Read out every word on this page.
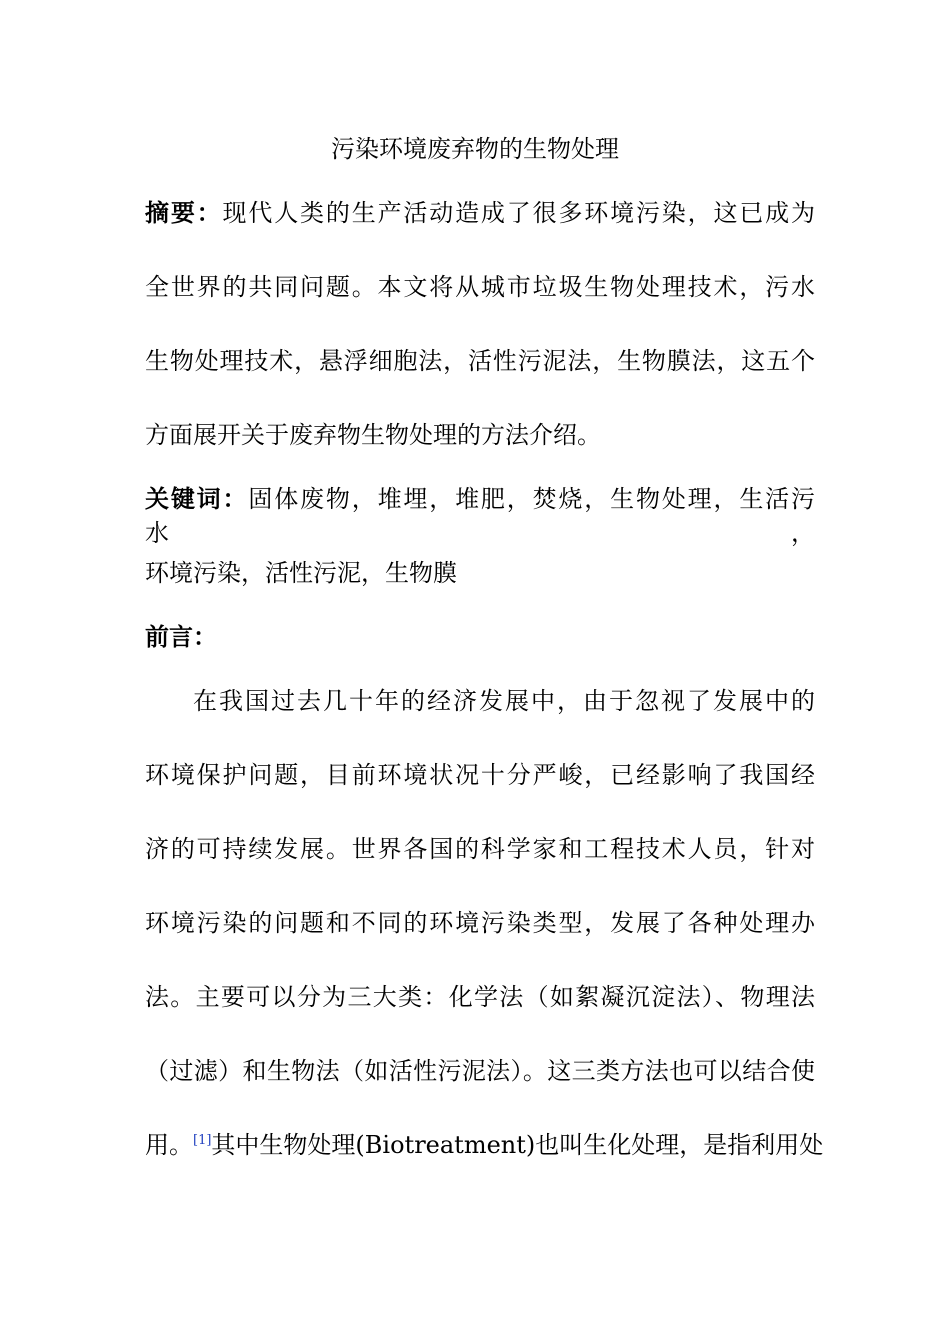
污染环境废弃物的生物处理
摘要：现代人类的生产活动造成了很多环境污染，这已成为
全世界的共同问题。本文将从城市垃圾生物处理技术，污水
生物处理技术，悬浮细胞法，活性污泥法，生物膜法，这五个
方面展开关于废弃物生物处理的方法介绍。
关键词：固体废物，堆埋，堆肥，焚烧，生物处理，生活污水，
环境污染，活性污泥，生物膜
前言：
在我国过去几十年的经济发展中，由于忽视了发展中的
环境保护问题，目前环境状况十分严峻，已经影响了我国经
济的可持续发展。世界各国的科学家和工程技术人员，针对
环境污染的问题和不同的环境污染类型，发展了各种处理办
法。主要可以分为三大类：化学法（如絮凝沉淀法）、物理法
（过滤）和生物法（如活性污泥法）。这三类方法也可以结合使
用。[1]其中生物处理(Biotreatment)也叫生化处理，是指利用处
